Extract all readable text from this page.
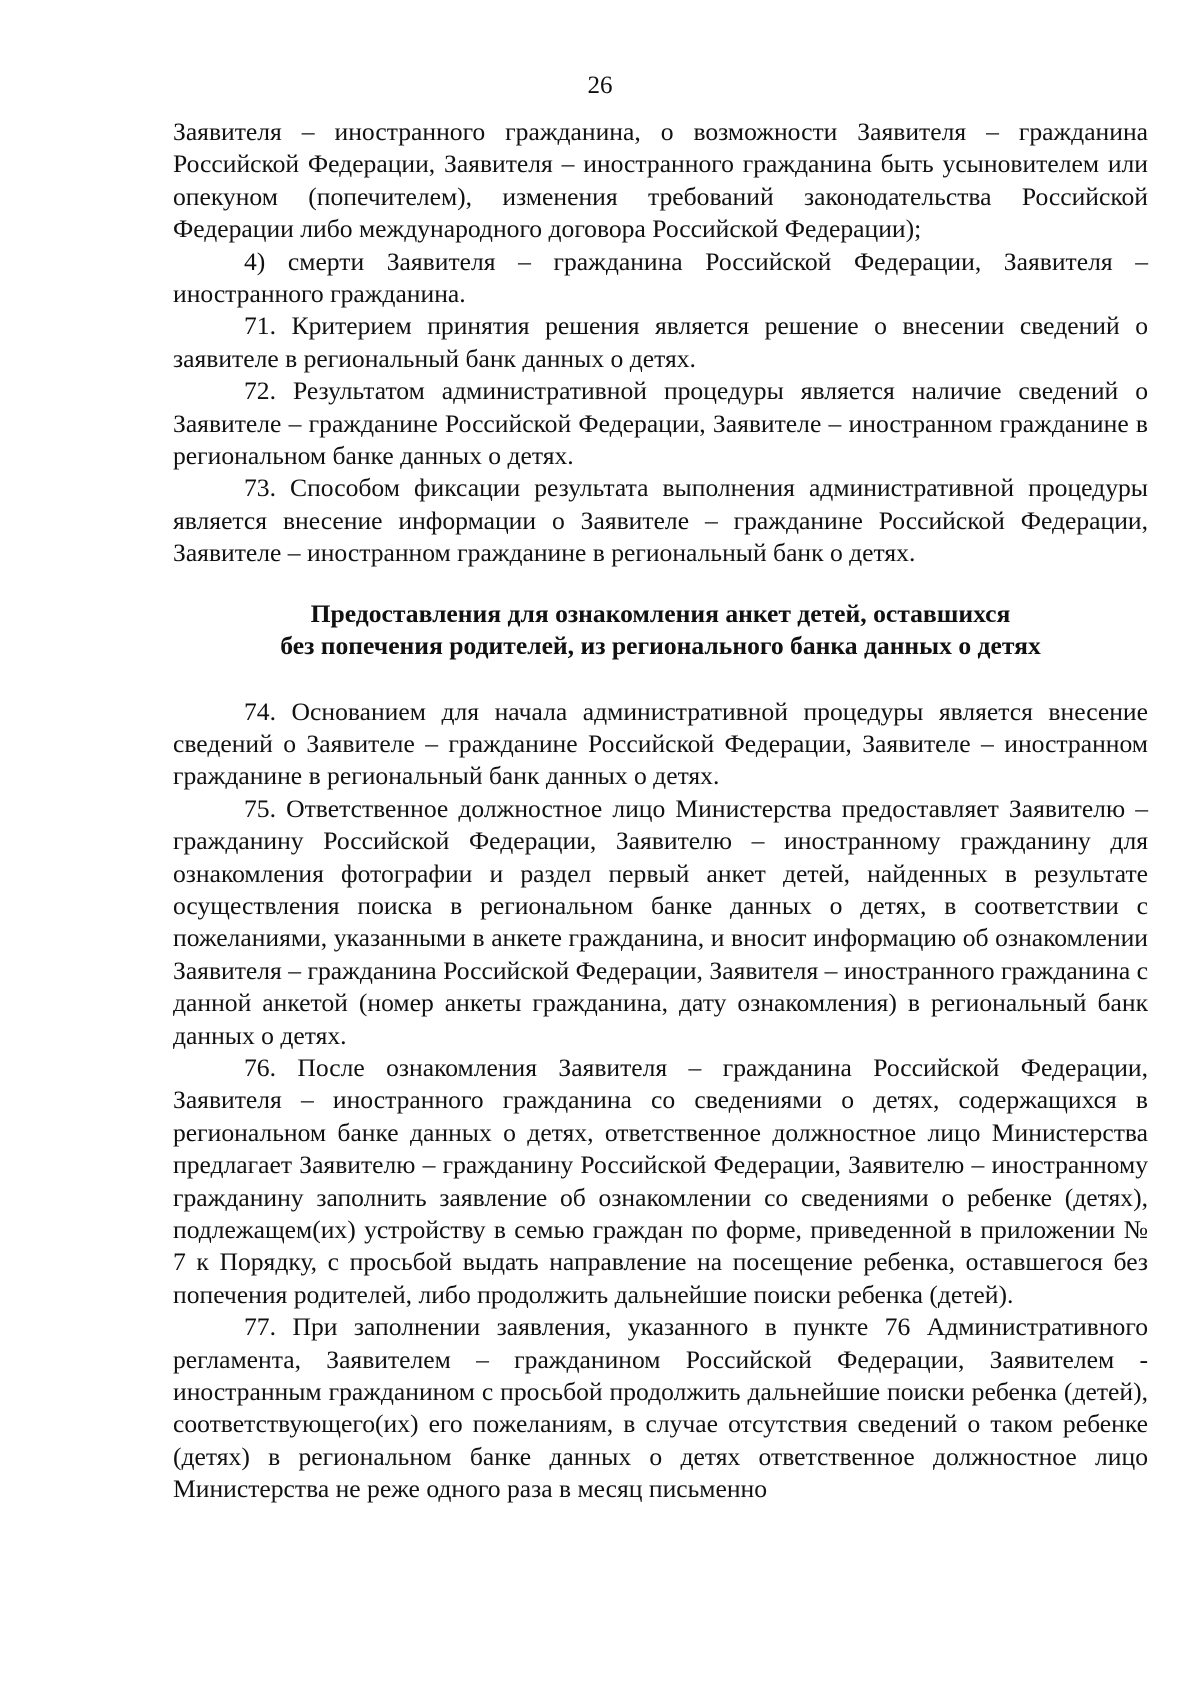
26

Заявителя – иностранного гражданина, о возможности Заявителя – гражданина Российской Федерации, Заявителя – иностранного гражданина быть усыновителем или опекуном (попечителем), изменения требований законодательства Российской Федерации либо международного договора Российской Федерации);

4) смерти Заявителя – гражданина Российской Федерации, Заявителя – иностранного гражданина.

71. Критерием принятия решения является решение о внесении сведений о заявителе в региональный банк данных о детях.

72. Результатом административной процедуры является наличие сведений о Заявителе – гражданине Российской Федерации, Заявителе – иностранном гражданине в региональном банке данных о детях.

73. Способом фиксации результата выполнения административной процедуры является внесение информации о Заявителе – гражданине Российской Федерации, Заявителе – иностранном гражданине в региональный банк о детях.

Предоставления для ознакомления анкет детей, оставшихся
без попечения родителей, из регионального банка данных о детях

74. Основанием для начала административной процедуры является внесение сведений о Заявителе – гражданине Российской Федерации, Заявителе – иностранном гражданине в региональный банк данных о детях.

75. Ответственное должностное лицо Министерства предоставляет Заявителю – гражданину Российской Федерации, Заявителю – иностранному гражданину для ознакомления фотографии и раздел первый анкет детей, найденных в результате осуществления поиска в региональном банке данных о детях, в соответствии с пожеланиями, указанными в анкете гражданина, и вносит информацию об ознакомлении Заявителя – гражданина Российской Федерации, Заявителя – иностранного гражданина с данной анкетой (номер анкеты гражданина, дату ознакомления) в региональный банк данных о детях.

76. После ознакомления Заявителя – гражданина Российской Федерации, Заявителя – иностранного гражданина со сведениями о детях, содержащихся в региональном банке данных о детях, ответственное должностное лицо Министерства предлагает Заявителю – гражданину Российской Федерации, Заявителю – иностранному гражданину заполнить заявление об ознакомлении со сведениями о ребенке (детях), подлежащем(их) устройству в семью граждан по форме, приведенной в приложении № 7 к Порядку, с просьбой выдать направление на посещение ребенка, оставшегося без попечения родителей, либо продолжить дальнейшие поиски ребенка (детей).

77. При заполнении заявления, указанного в пункте 76 Административного регламента, Заявителем – гражданином Российской Федерации, Заявителем - иностранным гражданином с просьбой продолжить дальнейшие поиски ребенка (детей), соответствующего(их) его пожеланиям, в случае отсутствия сведений о таком ребенке (детях) в региональном банке данных о детях ответственное должностное лицо Министерства не реже одного раза в месяц письменно
